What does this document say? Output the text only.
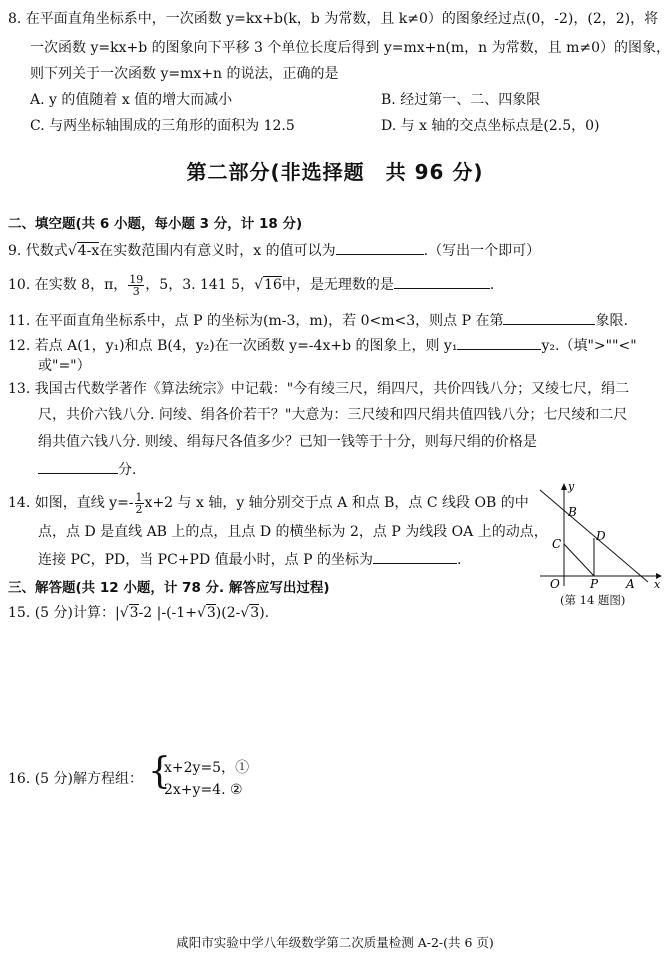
8. 在平面直角坐标系中，一次函数 y=kx+b(k，b 为常数，且 k≠0）的图象经过点(0，-2)，(2，2)，将
一次函数 y=kx+b 的图象向下平移 3 个单位长度后得到 y=mx+n(m，n 为常数，且 m≠0）的图象，
则下列关于一次函数 y=mx+n 的说法，正确的是
A. y 的值随着 x 值的增大而减小	B. 经过第一、二、四象限
C. 与两坐标轴围成的三角形的面积为 12.5	D. 与 x 轴的交点坐标点是(2.5，0)
第二部分(非选择题　共 96 分)
二、填空题(共 6 小题，每小题 3 分，计 18 分)
9. 代数式√4-x在实数范围内有意义时，x 的值可以为	.（写出一个即可）
10. 在实数 8，π， $\frac{19}{3}$ ，5，3. 141 5，√16中，是无理数的是	.
11. 在平面直角坐标系中，点 P 的坐标为(m-3，m)，若 0<m<3，则点 P 在第	象限.
12. 若点 A(1，y₁)和点 B(4，y₂)在一次函数 y=-4x+b 的图象上，则 y₁	y₂.（填">""<"
或"="）
13. 我国古代数学著作《算法统宗》中记载："今有绫三尺，绢四尺，共价四钱八分；又绫七尺，绢二
尺，共价六钱八分. 问绫、绢各价若干？"大意为：三尺绫和四尺绢共值四钱八分；七尺绫和二尺
绢共值六钱八分. 则绫、绢每尺各值多少？已知一钱等于十分，则每尺绢的价格是
分.
14. 如图，直线 $y=- \frac{1}{2} x+2$ 与 x 轴，y 轴分别交于点 A 和点 B，点 C 线段 OB 的中
点，点 D 是直线 AB 上的点，且点 D 的横坐标为 2，点 P 为线段 OA 上的动点，
连接 PC，PD，当 PC+PD 值最小时，点 P 的坐标为	.
y
x
B
C
D
O	P A
(第 14 题图)
三、解答题(共 12 小题，计 78 分. 解答应写出过程)
15. (5 分)计算：|√3-2 |-(-1+√3)(2-√3).
16. (5 分)解方程组： {
x+2y=5，①
2x+y=4. ②
咸阳市实验中学八年级数学第二次质量检测 A-2-(共 6 页)
